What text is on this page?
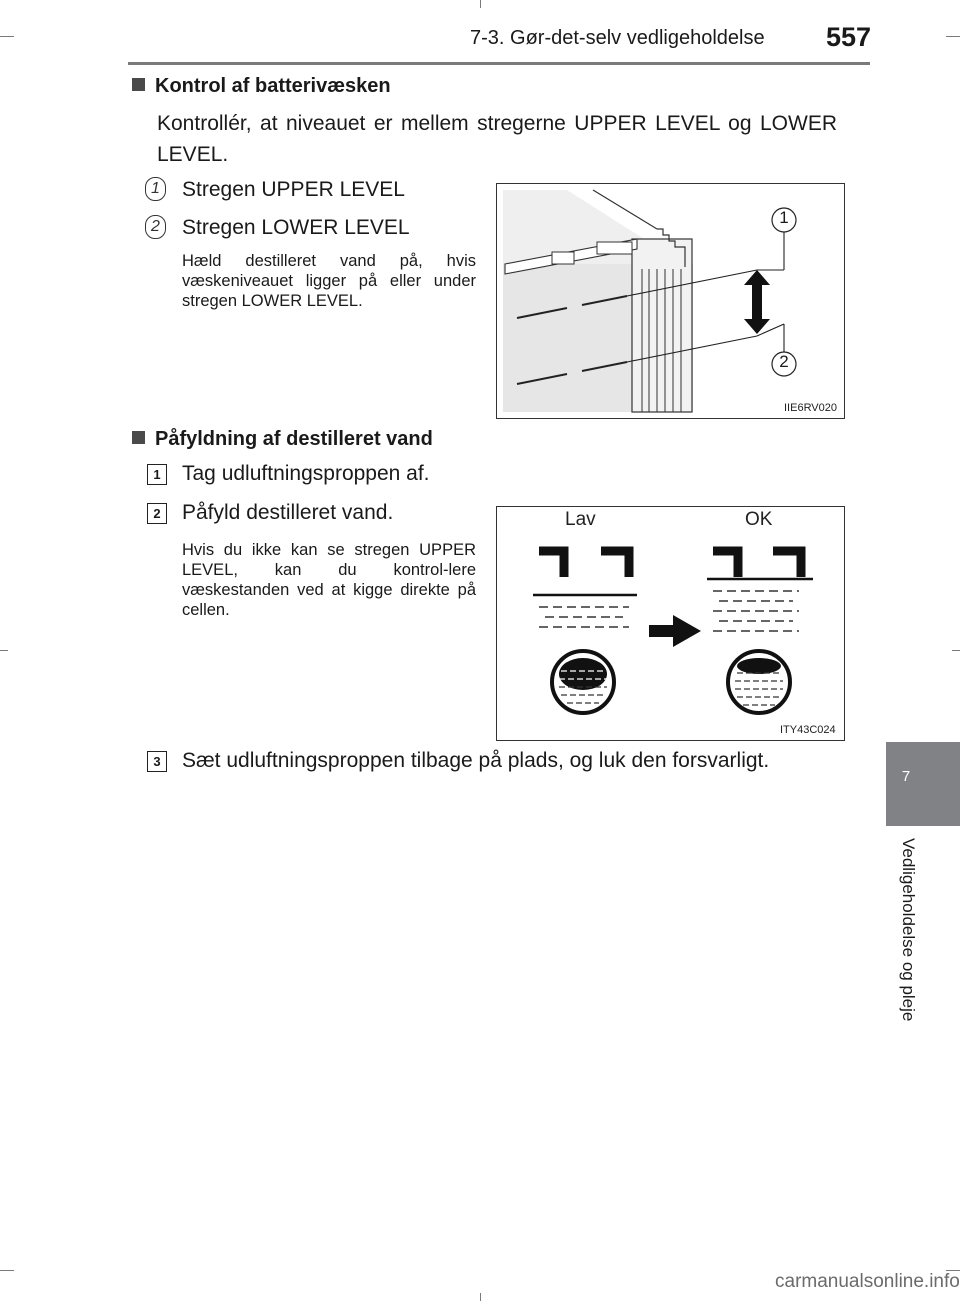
7-3. Gør-det-selv vedligeholdelse 557
7
Vedligeholdelse og pleje
Kontrol af batterivæsken
Kontrollér, at niveauet er mellem stregerne UPPER LEVEL og LOWER LEVEL.
1 Stregen UPPER LEVEL
2 Stregen LOWER LEVEL
Hæld destilleret vand på, hvis væskeniveauet ligger på eller under stregen LOWER LEVEL.
1
2
IIE6RV020
Påfyldning af destilleret vand
1	Tag udluftningsproppen af.
2	Påfyld destilleret vand.
Hvis du ikke kan se stregen UPPER LEVEL, kan du kontrol-lere væskestanden ved at kigge direkte på cellen.
Lav	OK
ITY43C024
3	Sæt udluftningsproppen tilbage på plads, og luk den forsvarligt.
carmanualsonline.info
